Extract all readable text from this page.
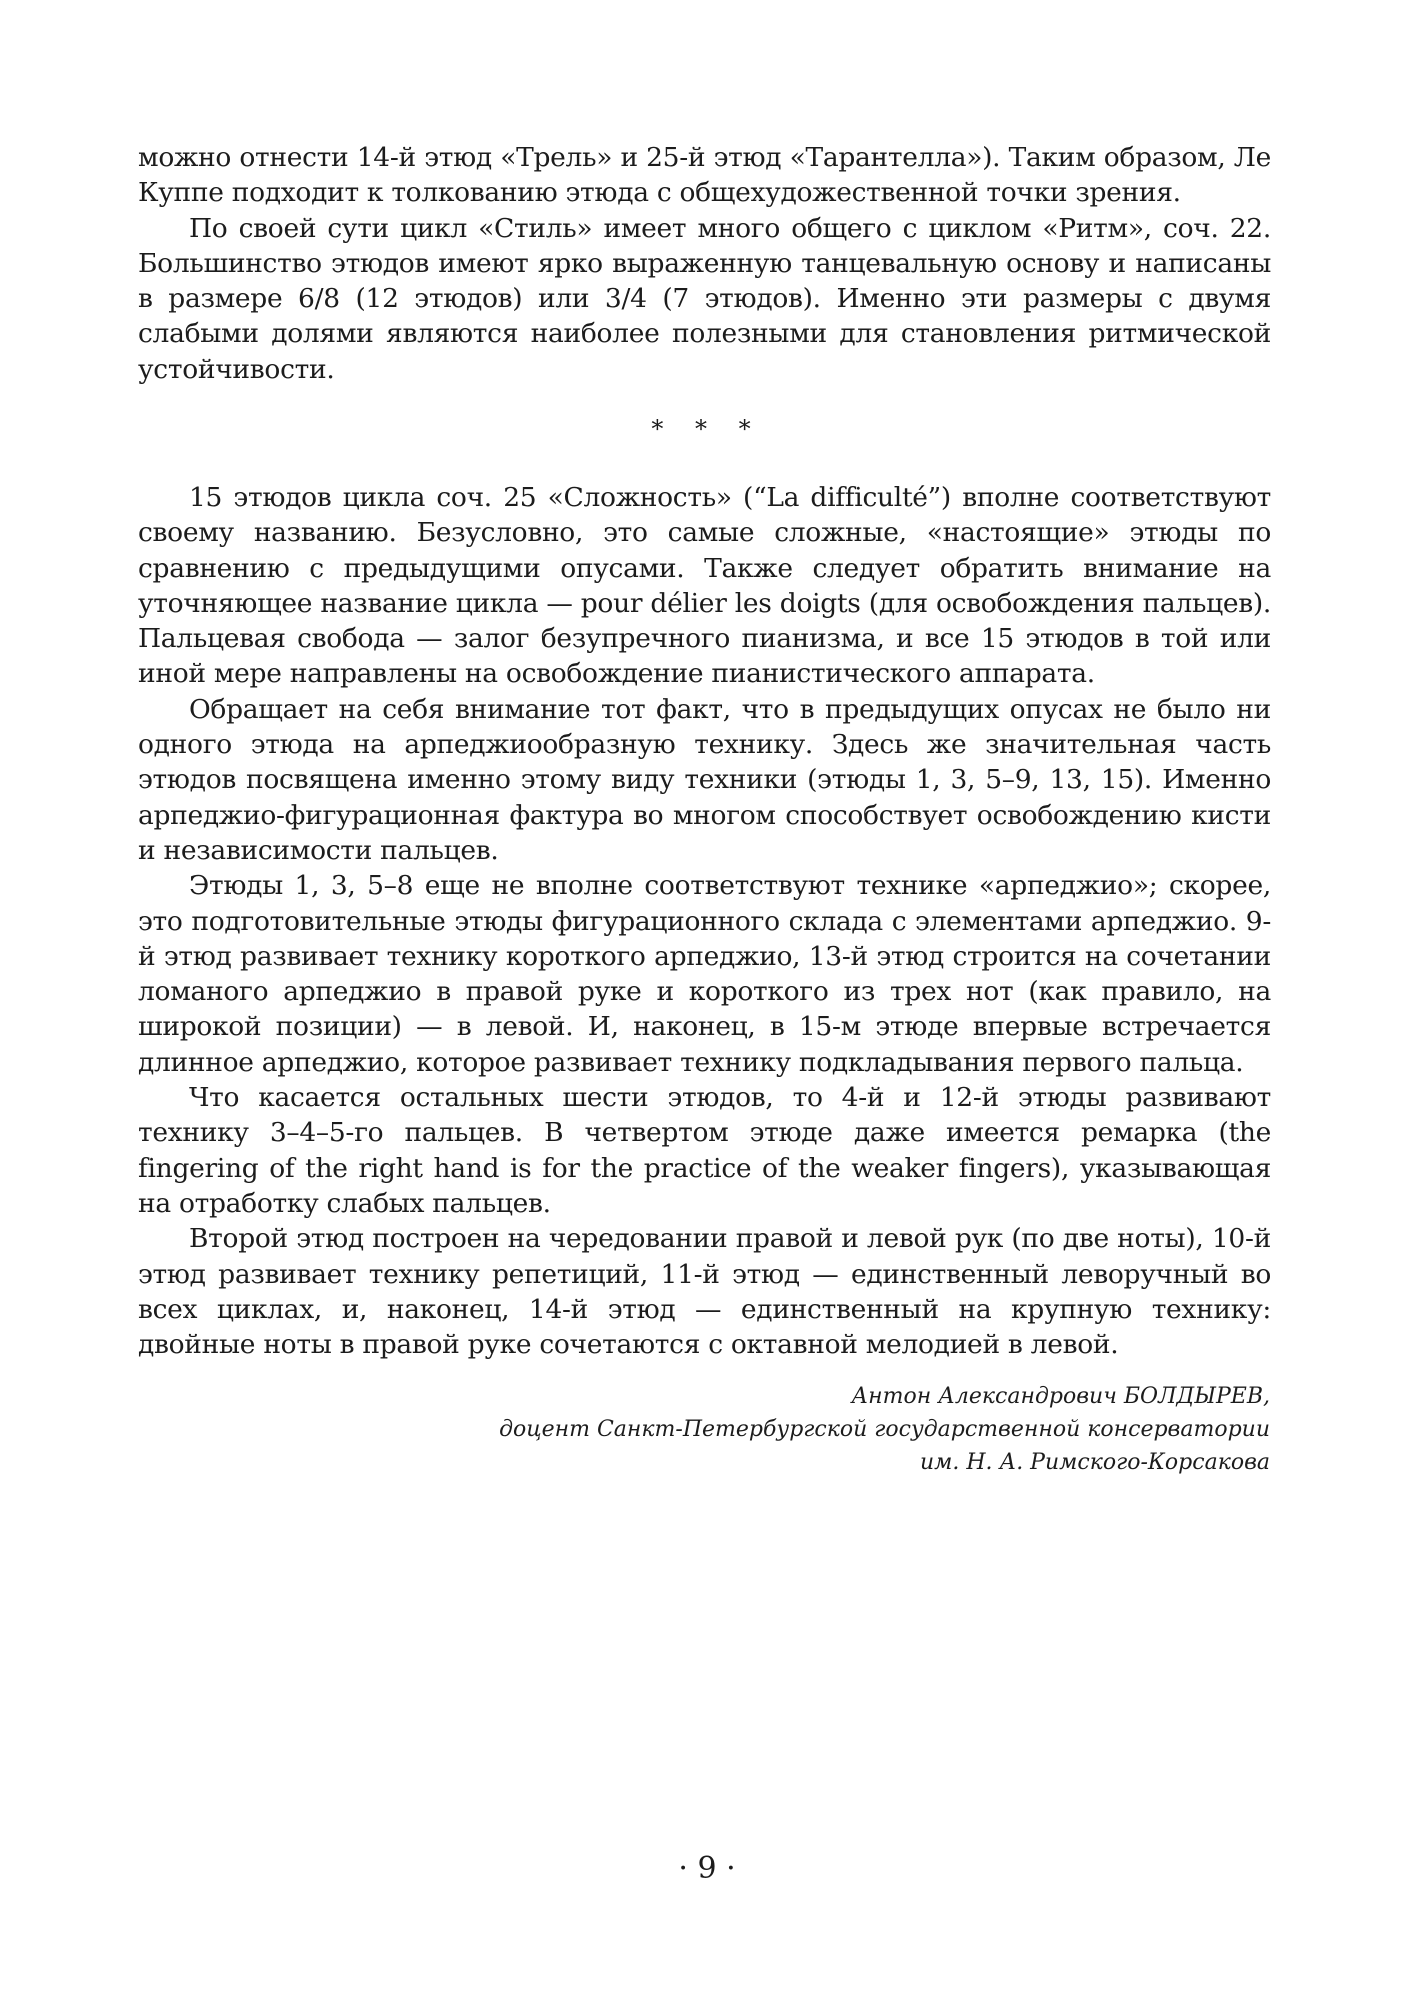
можно отнести 14-й этюд «Трель» и 25-й этюд «Тарантелла»). Таким образом, Ле Куппе подходит к толкованию этюда с общехудожественной точки зрения.

По своей сути цикл «Стиль» имеет много общего с циклом «Ритм», соч. 22. Большинство этюдов имеют ярко выраженную танцевальную основу и написаны в размере 6/8 (12 этюдов) или 3/4 (7 этюдов). Именно эти размеры с двумя слабыми долями являются наиболее полезными для становления ритмической устойчивости.

* * *

15 этюдов цикла соч. 25 «Сложность» (“La difficulté”) вполне соответствуют своему названию. Безусловно, это самые сложные, «настоящие» этюды по сравнению с предыдущими опусами. Также следует обратить внимание на уточняющее название цикла — pour délier les doigts (для освобождения пальцев). Пальцевая свобода — залог безупречного пианизма, и все 15 этюдов в той или иной мере направлены на освобождение пианистического аппарата.

Обращает на себя внимание тот факт, что в предыдущих опусах не было ни одного этюда на арпеджиообразную технику. Здесь же значительная часть этюдов посвящена именно этому виду техники (этюды 1, 3, 5–9, 13, 15). Именно арпеджио-фигурационная фактура во многом способствует освобождению кисти и независимости пальцев.

Этюды 1, 3, 5–8 еще не вполне соответствуют технике «арпеджио»; скорее, это подготовительные этюды фигурационного склада с элементами арпеджио. 9-й этюд развивает технику короткого арпеджио, 13-й этюд строится на сочетании ломаного арпеджио в правой руке и короткого из трех нот (как правило, на широкой позиции) — в левой. И, наконец, в 15-м этюде впервые встречается длинное арпеджио, которое развивает технику подкладывания первого пальца.

Что касается остальных шести этюдов, то 4-й и 12-й этюды развивают технику 3–4–5-го пальцев. В четвертом этюде даже имеется ремарка (the fingering of the right hand is for the practice of the weaker fingers), указывающая на отработку слабых пальцев.

Второй этюд построен на чередовании правой и левой рук (по две ноты), 10-й этюд развивает технику репетиций, 11-й этюд — единственный леворучный во всех циклах, и, наконец, 14-й этюд — единственный на крупную технику: двойные ноты в правой руке сочетаются с октавной мелодией в левой.

Антон Александрович БОЛДЫРЕВ,
доцент Санкт-Петербургской государственной консерватории
им. Н. А. Римского-Корсакова
· 9 ·
